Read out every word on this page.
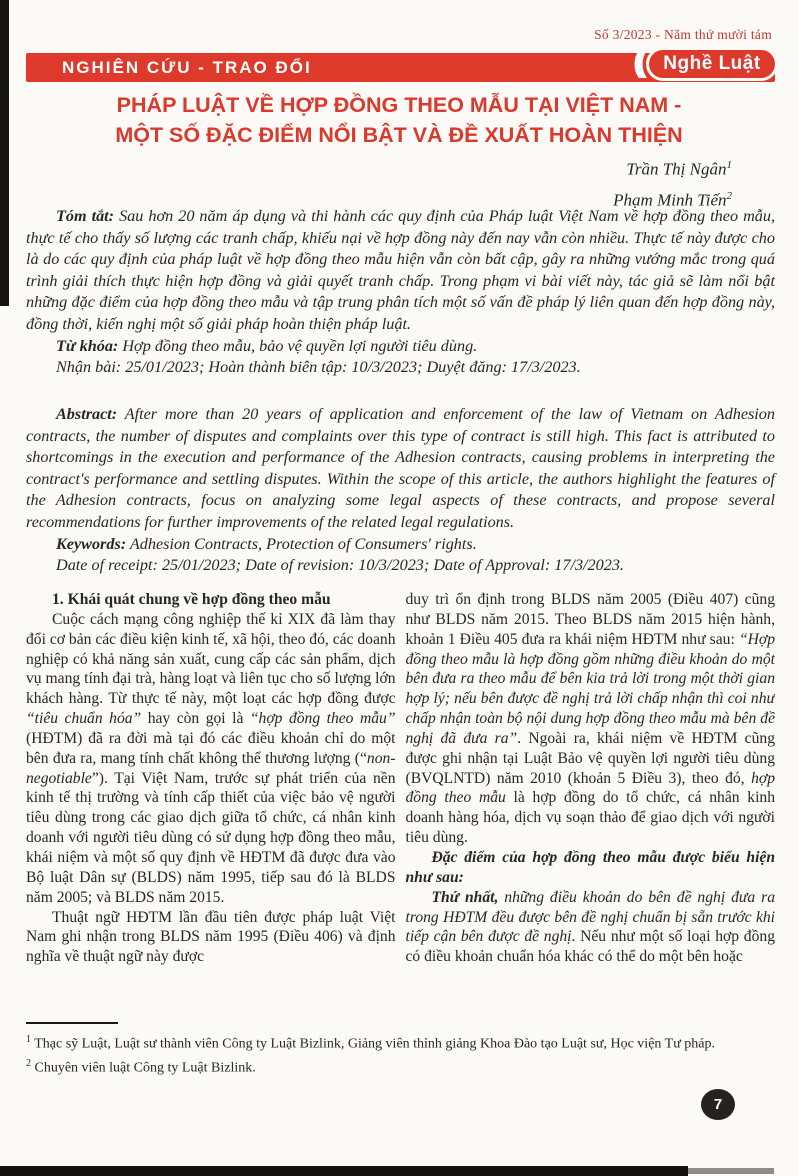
Số 3/2023 - Năm thứ mười tám
NGHIÊN CỨU - TRAO ĐỔI	((( Nghề Luật
PHÁP LUẬT VỀ HỢP ĐỒNG THEO MẪU TẠI VIỆT NAM -
MỘT SỐ ĐẶC ĐIỂM NỔI BẬT VÀ ĐỀ XUẤT HOÀN THIỆN
Trần Thị Ngân$^1$
Phạm Minh Tiến$^2$

Tóm tắt: Sau hơn 20 năm áp dụng và thi hành các quy định của Pháp luật Việt Nam về hợp đồng theo mẫu, thực tế cho thấy số lượng các tranh chấp, khiếu nại về hợp đồng này đến nay vẫn còn nhiều. Thực tế này được cho là do các quy định của pháp luật về hợp đồng theo mẫu hiện vẫn còn bất cập, gây ra những vướng mắc trong quá trình giải thích thực hiện hợp đồng và giải quyết tranh chấp. Trong phạm vi bài viết này, tác giả sẽ làm nổi bật những đặc điểm của hợp đồng theo mẫu và tập trung phân tích một số vấn đề pháp lý liên quan đến hợp đồng này, đồng thời, kiến nghị một số giải pháp hoàn thiện pháp luật.

Từ khóa: Hợp đồng theo mẫu, bảo vệ quyền lợi người tiêu dùng.

Nhận bài: 25/01/2023; Hoàn thành biên tập: 10/3/2023; Duyệt đăng: 17/3/2023.

Abstract: After more than 20 years of application and enforcement of the law of Vietnam on Adhesion contracts, the number of disputes and complaints over this type of contract is still high. This fact is attributed to shortcomings in the execution and performance of the Adhesion contracts, causing problems in interpreting the contract's performance and settling disputes. Within the scope of this article, the authors highlight the features of the Adhesion contracts, focus on analyzing some legal aspects of these contracts, and propose several recommendations for further improvements of the related legal regulations.

Keywords: Adhesion Contracts, Protection of Consumers' rights.

Date of receipt: 25/01/2023; Date of revision: 10/3/2023; Date of Approval: 17/3/2023.

1. Khái quát chung về hợp đồng theo mẫu

Cuộc cách mạng công nghiệp thế kỉ XIX đã làm thay đổi cơ bản các điều kiện kinh tế, xã hội, theo đó, các doanh nghiệp có khả năng sản xuất, cung cấp các sản phẩm, dịch vụ mang tính đại trà, hàng loạt và liên tục cho số lượng lớn khách hàng. Từ thực tế này, một loạt các hợp đồng được “tiêu chuẩn hóa” hay còn gọi là “hợp đồng theo mẫu” (HĐTM) đã ra đời mà tại đó các điều khoản chỉ do một bên đưa ra, mang tính chất không thể thương lượng (“non-negotiable”). Tại Việt Nam, trước sự phát triển của nền kinh tế thị trường và tính cấp thiết của việc bảo vệ người tiêu dùng trong các giao dịch giữa tổ chức, cá nhân kinh doanh với người tiêu dùng có sử dụng hợp đồng theo mẫu, khái niệm và một số quy định về HĐTM đã được đưa vào Bộ luật Dân sự (BLDS) năm 1995, tiếp sau đó là BLDS năm 2005; và BLDS năm 2015.

Thuật ngữ HĐTM lần đầu tiên được pháp luật Việt Nam ghi nhận trong BLDS năm 1995 (Điều 406) và định nghĩa về thuật ngữ này được

duy trì ổn định trong BLDS năm 2005 (Điều 407) cũng như BLDS năm 2015. Theo BLDS năm 2015 hiện hành, khoản 1 Điều 405 đưa ra khái niệm HĐTM như sau: “Hợp đồng theo mẫu là hợp đồng gồm những điều khoản do một bên đưa ra theo mẫu để bên kia trả lời trong một thời gian hợp lý; nếu bên được đề nghị trả lời chấp nhận thì coi như chấp nhận toàn bộ nội dung hợp đồng theo mẫu mà bên đề nghị đã đưa ra”. Ngoài ra, khái niệm về HĐTM cũng được ghi nhận tại Luật Bảo vệ quyền lợi người tiêu dùng (BVQLNTD) năm 2010 (khoản 5 Điều 3), theo đó, hợp đồng theo mẫu là hợp đồng do tổ chức, cá nhân kinh doanh hàng hóa, dịch vụ soạn thảo để giao dịch với người tiêu dùng.

Đặc điểm của hợp đồng theo mẫu được biểu hiện như sau:

Thứ nhất, những điều khoản do bên đề nghị đưa ra trong HĐTM đều được bên đề nghị chuẩn bị sẵn trước khi tiếp cận bên được đề nghị. Nếu như một số loại hợp đồng có điều khoản chuẩn hóa khác có thể do một bên hoặc

$^1$ Thạc sỹ Luật, Luật sư thành viên Công ty Luật Bizlink, Giảng viên thỉnh giảng Khoa Đào tạo Luật sư, Học viện Tư pháp.

$^2$ Chuyên viên luật Công ty Luật Bizlink.

7
